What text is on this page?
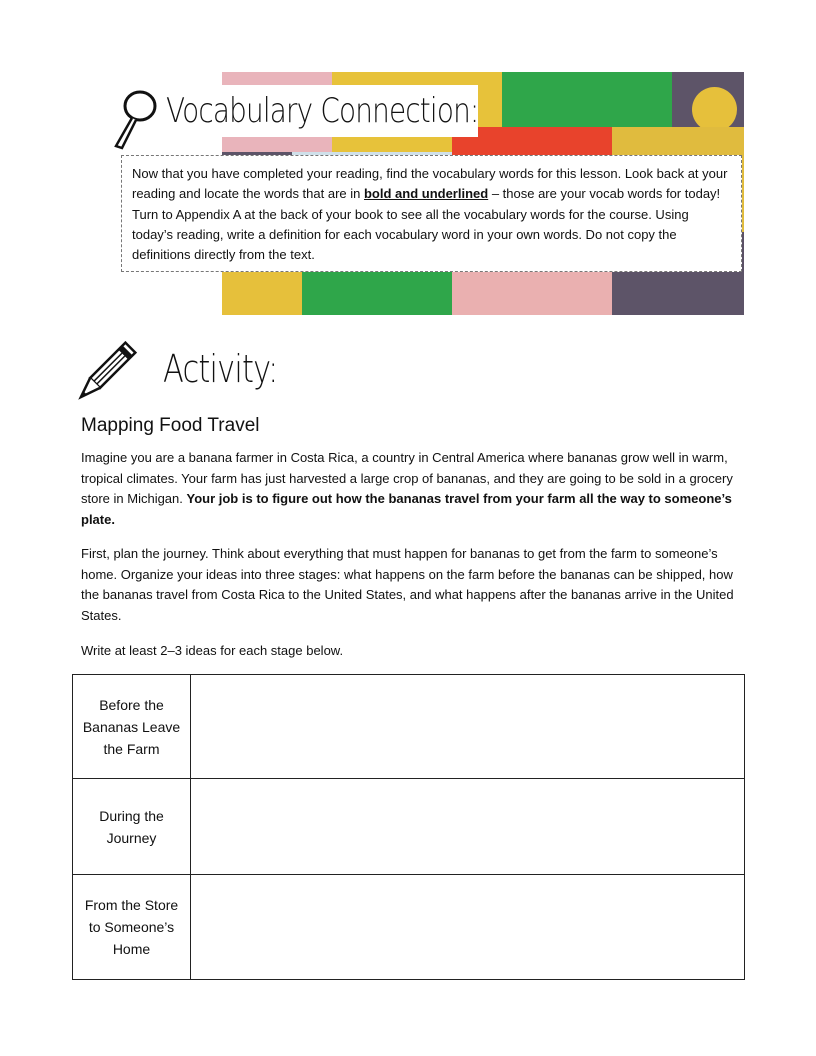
Vocabulary Connection:
Now that you have completed your reading, find the vocabulary words for this lesson. Look back at your reading and locate the words that are in bold and underlined – those are your vocab words for today! Turn to Appendix A at the back of your book to see all the vocabulary words for the course. Using today’s reading, write a definition for each vocabulary word in your own words. Do not copy the definitions directly from the text.
Activity:
Mapping Food Travel
Imagine you are a banana farmer in Costa Rica, a country in Central America where bananas grow well in warm, tropical climates. Your farm has just harvested a large crop of bananas, and they are going to be sold in a grocery store in Michigan. Your job is to figure out how the bananas travel from your farm all the way to someone’s plate.
First, plan the journey. Think about everything that must happen for bananas to get from the farm to someone’s home. Organize your ideas into three stages: what happens on the farm before the bananas can be shipped, how the bananas travel from Costa Rica to the United States, and what happens after the bananas arrive in the United States.
Write at least 2–3 ideas for each stage below.
Before the Bananas Leave the Farm	
During the Journey	
From the Store to Someone’s Home	
